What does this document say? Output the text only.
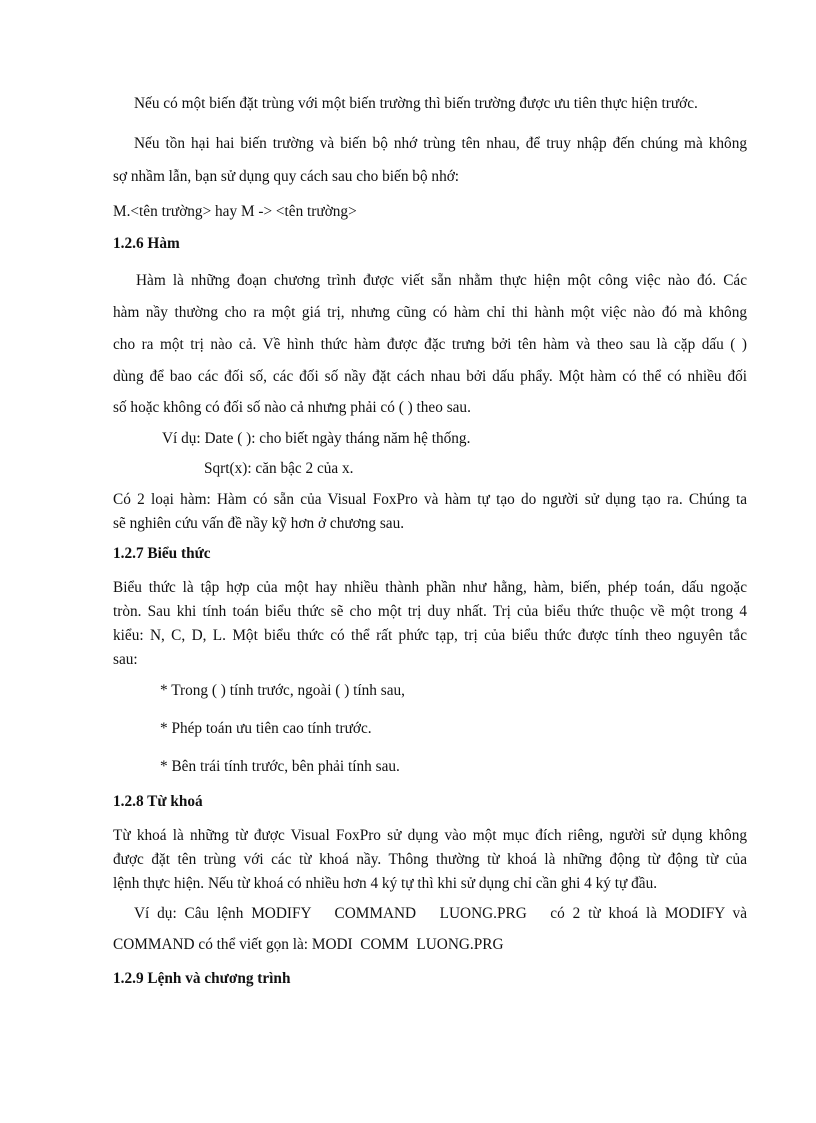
Nếu có một biến đặt trùng với một biến trường thì biến trường được ưu tiên thực hiện trước.
Nếu tồn hại hai biến trường và biến bộ nhớ trùng tên nhau, để truy nhập đến chúng mà không
sợ nhầm lẫn, bạn sử dụng quy cách sau cho biến bộ nhớ:
M.<tên trường> hay M -> <tên trường>
1.2.6 Hàm
Hàm là những đoạn chương trình được viết sẵn nhằm thực hiện một công việc nào đó. Các
hàm nầy thường cho ra một giá trị, nhưng cũng có hàm chỉ thi hành một việc nào đó mà không
cho ra một trị nào cả. Về hình thức hàm được đặc trưng bởi tên hàm và theo sau là cặp dấu ( )
dùng để bao các đối số, các đối số nầy đặt cách nhau bởi dấu phẩy. Một hàm có thể có nhiều đối
số hoặc không có đối số nào cả nhưng phải có ( ) theo sau.
Ví dụ: Date ( ): cho biết ngày tháng năm hệ thống.
Sqrt(x): căn bậc 2 của x.
Có 2 loại hàm: Hàm có sẵn của Visual FoxPro và hàm tự tạo do người sử dụng tạo ra. Chúng ta
sẽ nghiên cứu vấn đề nầy kỹ hơn ở chương sau.
1.2.7 Biểu thức
Biểu thức là tập hợp của một hay nhiều thành phần như hằng, hàm, biến, phép toán, dấu ngoặc
tròn. Sau khi tính toán biểu thức sẽ cho một trị duy nhất. Trị của biểu thức thuộc về một trong 4
kiểu: N, C, D, L. Một biểu thức có thể rất phức tạp, trị của biểu thức được tính theo nguyên tắc
sau:
* Trong ( ) tính trước, ngoài ( ) tính sau,
* Phép toán ưu tiên cao tính trước.
* Bên trái tính trước, bên phải tính sau.
1.2.8 Từ khoá
Từ khoá là những từ được Visual FoxPro sử dụng vào một mục đích riêng, người sử dụng không
được đặt tên trùng với các từ khoá nầy. Thông thường từ khoá là những động từ động từ của
lệnh thực hiện. Nếu từ khoá có nhiều hơn 4 ký tự thì khi sử dụng chỉ cần ghi 4 ký tự đầu.
Ví dụ: Câu lệnh MODIFY   COMMAND   LUONG.PRG   có 2 từ khoá là MODIFY và
COMMAND có thể viết gọn là: MODI  COMM  LUONG.PRG
1.2.9 Lệnh và chương trình
